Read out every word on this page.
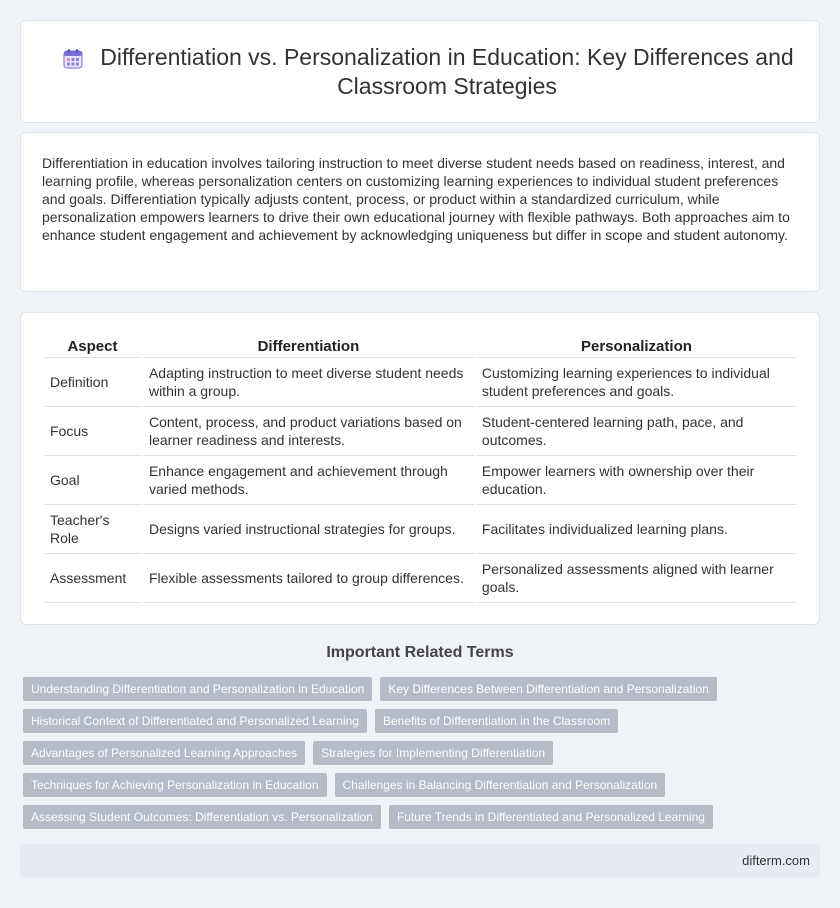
Differentiation vs. Personalization in Education: Key Differences and Classroom Strategies

Differentiation in education involves tailoring instruction to meet diverse student needs based on readiness, interest, and learning profile, whereas personalization centers on customizing learning experiences to individual student preferences and goals. Differentiation typically adjusts content, process, or product within a standardized curriculum, while personalization empowers learners to drive their own educational journey with flexible pathways. Both approaches aim to enhance student engagement and achievement by acknowledging uniqueness but differ in scope and student autonomy.

Aspect	Differentiation	Personalization
Definition	Adapting instruction to meet diverse student needs within a group.	Customizing learning experiences to individual student preferences and goals.
Focus	Content, process, and product variations based on learner readiness and interests.	Student-centered learning path, pace, and outcomes.
Goal	Enhance engagement and achievement through varied methods.	Empower learners with ownership over their education.
Teacher's Role	Designs varied instructional strategies for groups.	Facilitates individualized learning plans.
Assessment	Flexible assessments tailored to group differences.	Personalized assessments aligned with learner goals.
Important Related Terms
Understanding Differentiation and Personalization in Education	Key Differences Between Differentiation and Personalization
Historical Context of Differentiated and Personalized Learning	Benefits of Differentiation in the Classroom
Advantages of Personalized Learning Approaches	Strategies for Implementing Differentiation
Techniques for Achieving Personalization in Education	Challenges in Balancing Differentiation and Personalization
Assessing Student Outcomes: Differentiation vs. Personalization	Future Trends in Differentiated and Personalized Learning
difterm.com
